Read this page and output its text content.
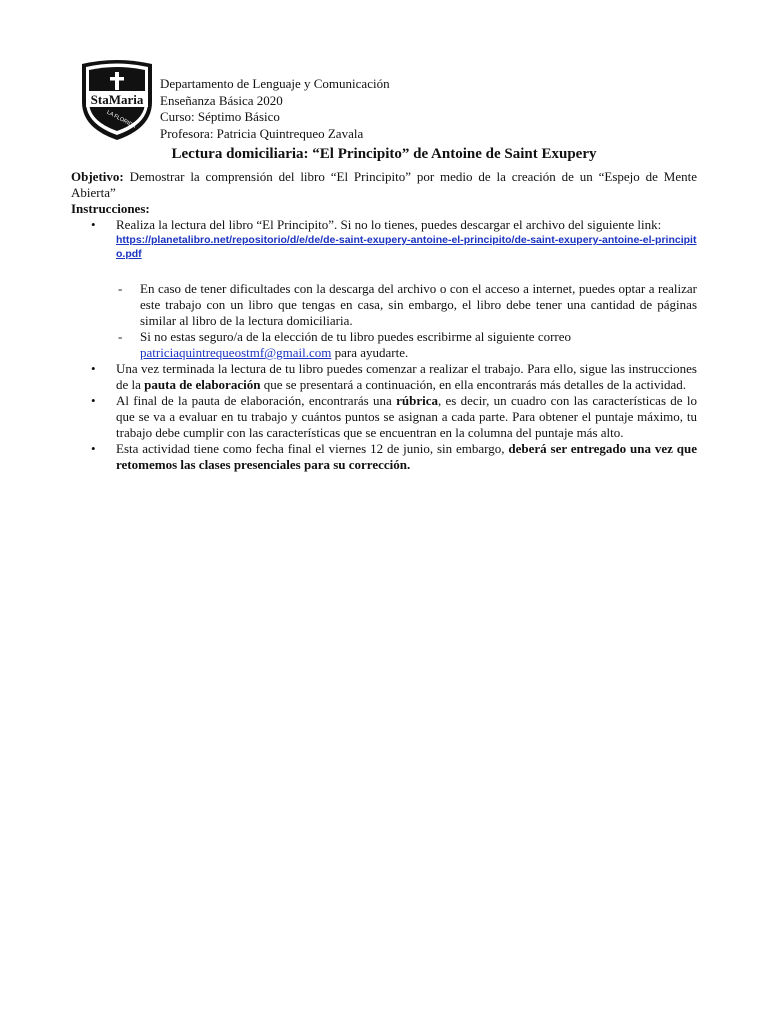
StaMaria
LA FLORIDA
Departamento de Lenguaje y Comunicación
Enseñanza Básica 2020
Curso: Séptimo Básico
Profesora: Patricia Quintrequeo Zavala
Lectura domiciliaria: “El Principito” de Antoine de Saint Exupery

Objetivo: Demostrar la comprensión del libro “El Principito” por medio de la creación de un “Espejo de Mente Abierta”

Instrucciones:

• Realiza la lectura del libro “El Principito”. Si no lo tienes, puedes descargar el archivo del siguiente link:
https://planetalibro.net/repositorio/d/e/de/de-saint-exupery-antoine-el-principito/de-saint-exupery-antoine-el-principito.pdf
- En caso de tener dificultades con la descarga del archivo o con el acceso a internet, puedes optar a realizar este trabajo con un libro que tengas en casa, sin embargo, el libro debe tener una cantidad de páginas similar al libro de la lectura domiciliaria.
- Si no estas seguro/a de la elección de tu libro puedes escribirme al siguiente correo
patriciaquintrequeostmf@gmail.com para ayudarte.
• Una vez terminada la lectura de tu libro puedes comenzar a realizar el trabajo. Para ello, sigue las instrucciones de la pauta de elaboración que se presentará a continuación, en ella encontrarás más detalles de la actividad.
• Al final de la pauta de elaboración, encontrarás una rúbrica, es decir, un cuadro con las características de lo que se va a evaluar en tu trabajo y cuántos puntos se asignan a cada parte. Para obtener el puntaje máximo, tu trabajo debe cumplir con las características que se encuentran en la columna del puntaje más alto.
• Esta actividad tiene como fecha final el viernes 12 de junio, sin embargo, deberá ser entregado una vez que retomemos las clases presenciales para su corrección.
